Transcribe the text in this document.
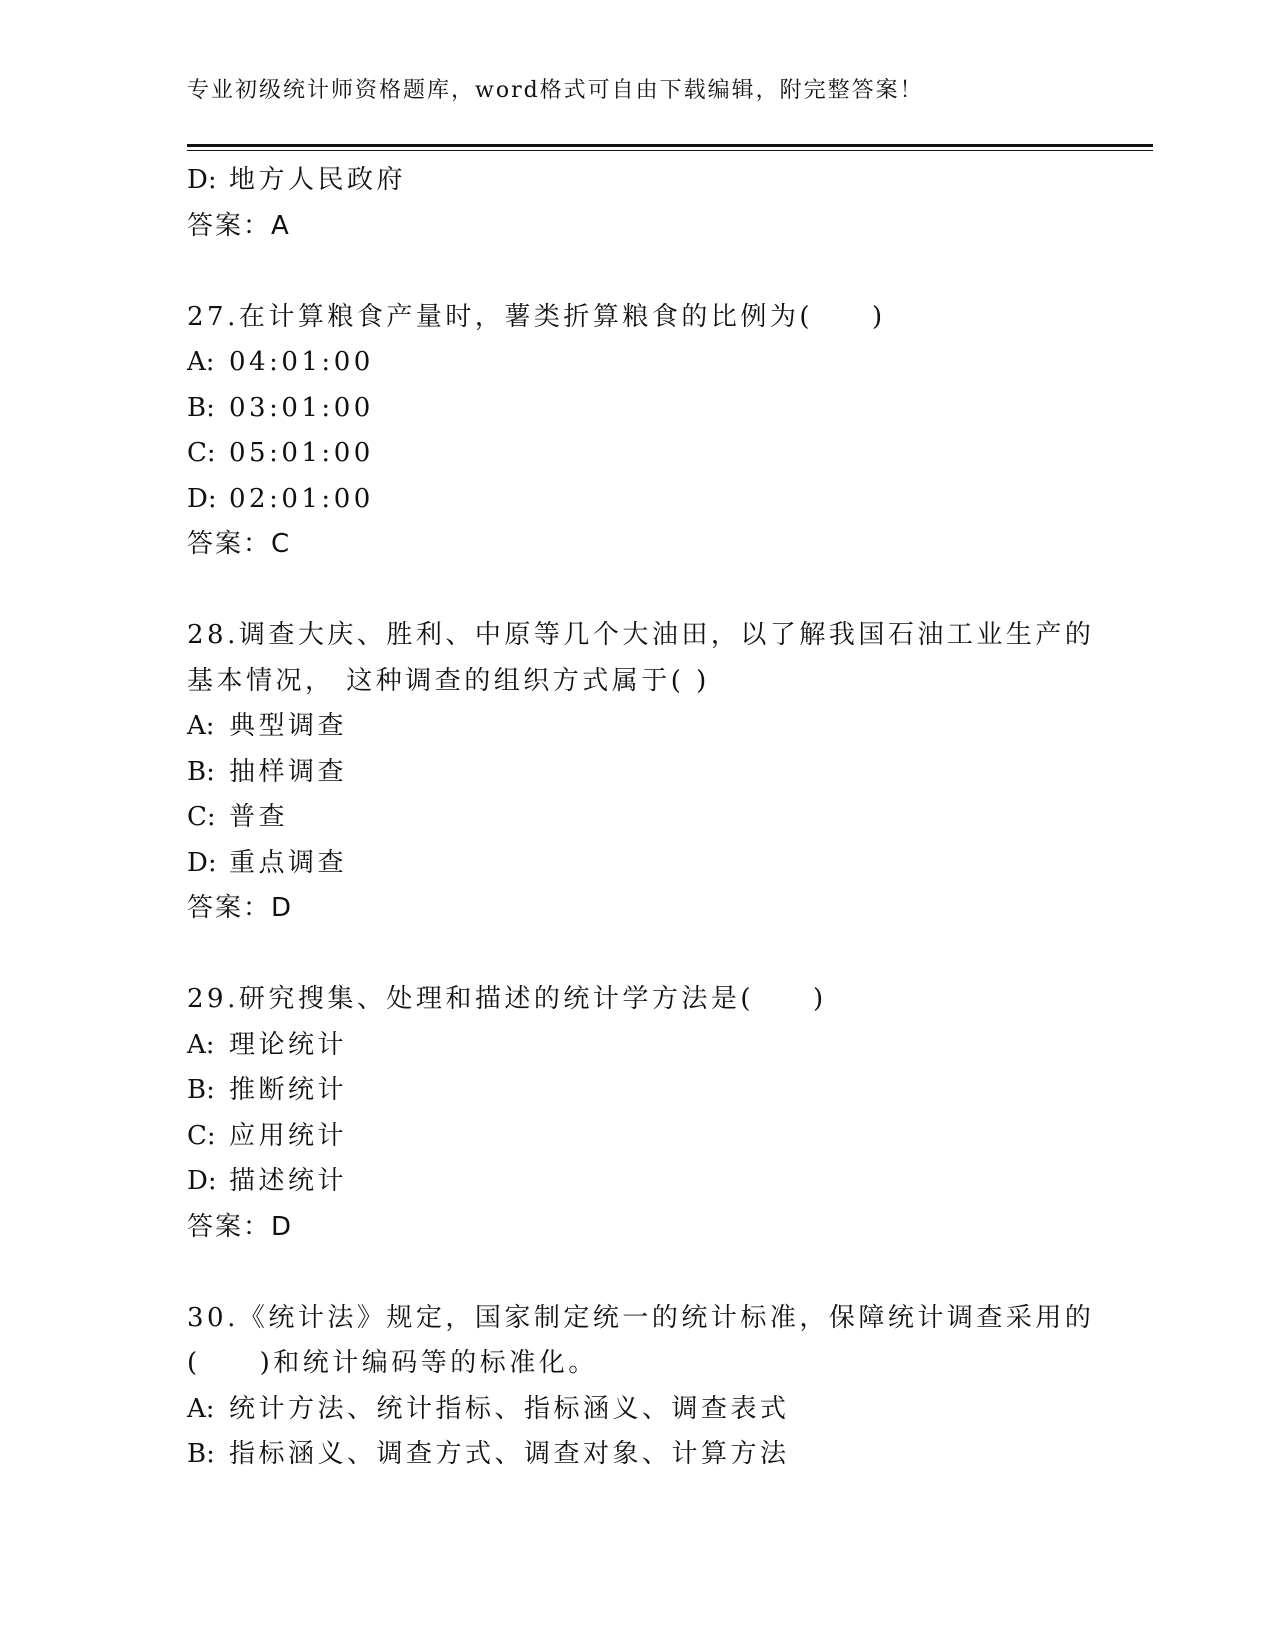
专业初级统计师资格题库，word格式可自由下载编辑，附完整答案！
D: 地方人民政府
答案：A
27.在计算粮食产量时，薯类折算粮食的比例为(　　)
A: 04:01:00
B: 03:01:00
C: 05:01:00
D: 02:01:00
答案：C
28.调查大庆、胜利、中原等几个大油田，以了解我国石油工业生产的
基本情况， 这种调查的组织方式属于( )
A: 典型调查
B: 抽样调查
C: 普查
D: 重点调查
答案：D
29.研究搜集、处理和描述的统计学方法是(　　)
A: 理论统计
B: 推断统计
C: 应用统计
D: 描述统计
答案：D
30.《统计法》规定，国家制定统一的统计标准，保障统计调查采用的
(　　)和统计编码等的标准化。
A: 统计方法、统计指标、指标涵义、调查表式
B: 指标涵义、调查方式、调查对象、计算方法
